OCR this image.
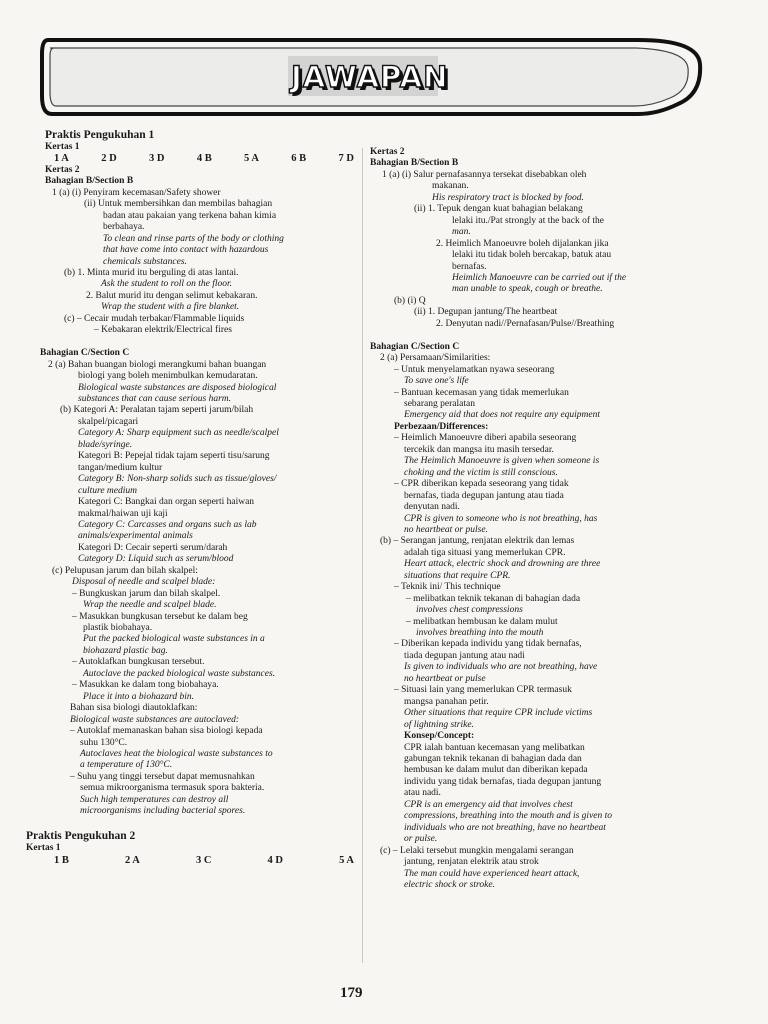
JAWAPAN
Praktis Pengukuhan 1
Kertas 1
1 A	2 D	3 D	4 B	5 A	6 B	7 D
Kertas 2
Bahagian B/Section B
1 (a) (i) Penyiram kecemasan/Safety shower
(ii) Untuk membersihkan dan membilas bahagian
badan atau pakaian yang terkena bahan kimia
berbahaya.
To clean and rinse parts of the body or clothing
that have come into contact with hazardous
chemicals substances.
(b) 1. Minta murid itu berguling di atas lantai.
Ask the student to roll on the floor.
2. Balut murid itu dengan selimut kebakaran.
Wrap the student with a fire blanket.
(c) – Cecair mudah terbakar/Flammable liquids
– Kebakaran elektrik/Electrical fires

Bahagian C/Section C
2 (a) Bahan buangan biologi merangkumi bahan buangan
biologi yang boleh menimbulkan kemudaratan.
Biological waste substances are disposed biological
substances that can cause serious harm.
(b) Kategori A: Peralatan tajam seperti jarum/bilah
skalpel/picagari
Category A: Sharp equipment such as needle/scalpel
blade/syringe.
Kategori B: Pepejal tidak tajam seperti tisu/sarung
tangan/medium kultur
Category B: Non-sharp solids such as tissue/gloves/
culture medium
Kategori C: Bangkai dan organ seperti haiwan
makmal/haiwan uji kaji
Category C: Carcasses and organs such as lab
animals/experimental animals
Kategori D: Cecair seperti serum/darah
Category D: Liquid such as serum/blood
(c) Pelupusan jarum dan bilah skalpel:
Disposal of needle and scalpel blade:
– Bungkuskan jarum dan bilah skalpel.
Wrap the needle and scalpel blade.
– Masukkan bungkusan tersebut ke dalam beg
plastik biobahaya.
Put the packed biological waste substances in a
biohazard plastic bag.
– Autoklafkan bungkusan tersebut.
Autoclave the packed biological waste substances.
– Masukkan ke dalam tong biobahaya.
Place it into a biohazard bin.
Bahan sisa biologi diautoklafkan:
Biological waste substances are autoclaved:
– Autoklaf memanaskan bahan sisa biologi kepada
suhu 130°C.
Autoclaves heat the biological waste substances to
a temperature of 130°C.
– Suhu yang tinggi tersebut dapat memusnahkan
semua mikroorganisma termasuk spora bakteria.
Such high temperatures can destroy all
microorganisms including bacterial spores.

Praktis Pengukuhan 2
Kertas 1
1 B	2 A	3 C	4 D	5 A
Kertas 2
Bahagian B/Section B
1 (a) (i) Salur pernafasannya tersekat disebabkan oleh
makanan.
His respiratory tract is blocked by food.
(ii) 1. Tepuk dengan kuat bahagian belakang
lelaki itu./Pat strongly at the back of the
man.
2. Heimlich Manoeuvre boleh dijalankan jika
lelaki itu tidak boleh bercakap, batuk atau
bernafas.
Heimlich Manoeuvre can be carried out if the
man unable to speak, cough or breathe.
(b) (i) Q
(ii) 1. Degupan jantung/The heartbeat
2. Denyutan nadi//Pernafasan/Pulse//Breathing

Bahagian C/Section C
2 (a) Persamaan/Similarities:
– Untuk menyelamatkan nyawa seseorang
To save one's life
– Bantuan kecemasan yang tidak memerlukan
sebarang peralatan
Emergency aid that does not require any equipment
Perbezaan/Differences:
– Heimlich Manoeuvre diberi apabila seseorang
tercekik dan mangsa itu masih tersedar.
The Heimlich Manoeuvre is given when someone is
choking and the victim is still conscious.
– CPR diberikan kepada seseorang yang tidak
bernafas, tiada degupan jantung atau tiada
denyutan nadi.
CPR is given to someone who is not breathing, has
no heartbeat or pulse.
(b) – Serangan jantung, renjatan elektrik dan lemas
adalah tiga situasi yang memerlukan CPR.
Heart attack, electric shock and drowning are three
situations that require CPR.
– Teknik ini/ This technique
– melibatkan teknik tekanan di bahagian dada
involves chest compressions
– melibatkan hembusan ke dalam mulut
involves breathing into the mouth
– Diberikan kepada individu yang tidak bernafas,
tiada degupan jantung atau nadi
Is given to individuals who are not breathing, have
no heartbeat or pulse
– Situasi lain yang memerlukan CPR termasuk
mangsa panahan petir.
Other situations that require CPR include victims
of lightning strike.
Konsep/Concept:
CPR ialah bantuan kecemasan yang melibatkan
gabungan teknik tekanan di bahagian dada dan
hembusan ke dalam mulut dan diberikan kepada
individu yang tidak bernafas, tiada degupan jantung
atau nadi.
CPR is an emergency aid that involves chest
compressions, breathing into the mouth and is given to
individuals who are not breathing, have no heartbeat
or pulse.
(c) – Lelaki tersebut mungkin mengalami serangan
jantung, renjatan elektrik atau strok
The man could have experienced heart attack,
electric shock or stroke.
179
